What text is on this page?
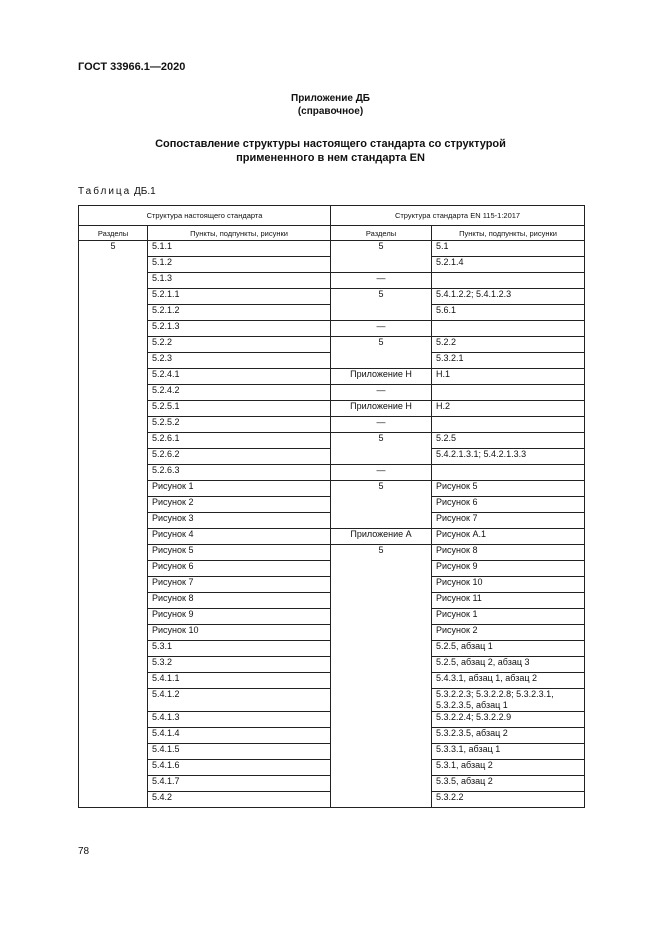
ГОСТ 33966.1—2020
Приложение ДБ
(справочное)
Сопоставление структуры настоящего стандарта со структурой
примененного в нем стандарта EN
Таблица ДБ.1
Структура настоящего стандарта		Структура стандарта EN 115-1:2017	
Разделы	Пункты, подпункты, рисунки	Разделы	Пункты, подпункты, рисунки
5	5.1.1	5	5.1
	5.1.2		5.2.1.4
	5.1.3	—	
	5.2.1.1	5	5.4.1.2.2; 5.4.1.2.3
	5.2.1.2		5.6.1
	5.2.1.3	—	
	5.2.2	5	5.2.2
	5.2.3		5.3.2.1
	5.2.4.1	Приложение Н	Н.1
	5.2.4.2	—	
	5.2.5.1	Приложение Н	Н.2
	5.2.5.2	—	
	5.2.6.1	5	5.2.5
	5.2.6.2		5.4.2.1.3.1; 5.4.2.1.3.3
	5.2.6.3	—	
	Рисунок 1	5	Рисунок 5
	Рисунок 2		Рисунок 6
	Рисунок 3		Рисунок 7
	Рисунок 4	Приложение А	Рисунок А.1
	Рисунок 5	5	Рисунок 8
	Рисунок 6		Рисунок 9
	Рисунок 7		Рисунок 10
	Рисунок 8		Рисунок 11
	Рисунок 9		Рисунок 1
	Рисунок 10		Рисунок 2
	5.3.1		5.2.5, абзац 1
	5.3.2		5.2.5, абзац 2, абзац 3
	5.4.1.1		5.4.3.1, абзац 1, абзац 2
	5.4.1.2		5.3.2.2.3; 5.3.2.2.8; 5.3.2.3.1, 5.3.2.3.5, абзац 1
	5.4.1.3		5.3.2.2.4; 5.3.2.2.9
	5.4.1.4		5.3.2.3.5, абзац 2
	5.4.1.5		5.3.3.1, абзац 1
	5.4.1.6		5.3.1, абзац 2
	5.4.1.7		5.3.5, абзац 2
	5.4.2		5.3.2.2
78
